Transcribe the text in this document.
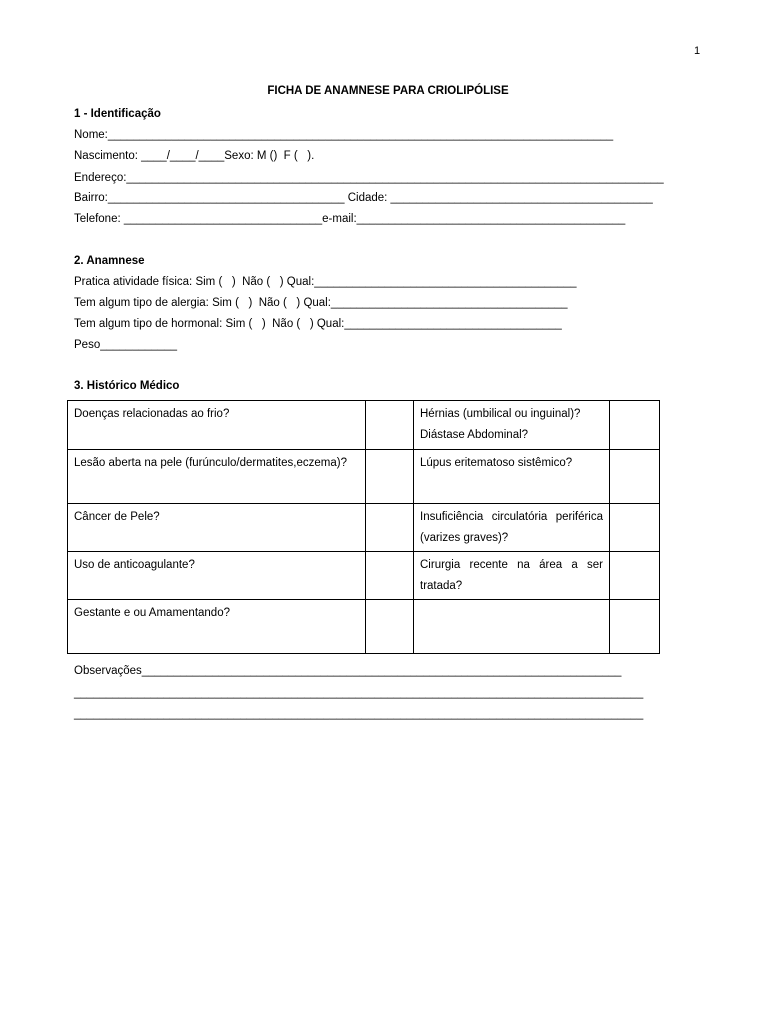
1
FICHA DE ANAMNESE PARA CRIOLIPÓLISE
1 - Identificação
Nome:_______________________________________________________________________________
Nascimento: ____/____/____Sexo: M ()  F (   ).
Endereço:____________________________________________________________________________________
Bairro:_____________________________________ Cidade: _________________________________________
Telefone: _______________________________e-mail:__________________________________________
2. Anamnese
Pratica atividade física: Sim (   )  Não (   ) Qual:_________________________________________
Tem algum tipo de alergia: Sim (   )  Não (   ) Qual:_____________________________________
Tem algum tipo de hormonal: Sim (   )  Não (   ) Qual:__________________________________
Peso____________
3. Histórico Médico
Doenças relacionadas ao frio?		Hérnias (umbilical ou inguinal)? Diástase Abdominal?	
Lesão aberta na pele (furúnculo/dermatites,eczema)?		Lúpus eritematoso sistêmico?	
Câncer de Pele?		Insuficiência circulatória periférica (varizes graves)?	
Uso de anticoagulante?		Cirurgia recente na área a ser tratada?	
Gestante e ou Amamentando?			
Observações___________________________________________________________________________
_________________________________________________________________________________________
_________________________________________________________________________________________
